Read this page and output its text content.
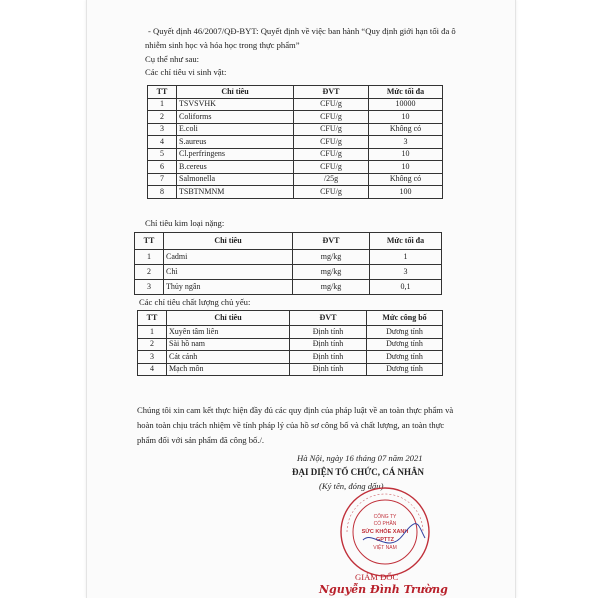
- Quyết định 46/2007/QĐ-BYT: Quyết định về việc ban hành “Quy định giới hạn tối đa ô
nhiễm sinh học và hóa học trong thực phẩm”
Cụ thể như sau:
Các chỉ tiêu vi sinh vật:
TT	Chỉ tiêu	ĐVT	Mức tối đa
1	TSVSVHK	CFU/g	10000
2	Coliforms	CFU/g	10
3	E.coli	CFU/g	Không có
4	S.aureus	CFU/g	3
5	Cl.perfringens	CFU/g	10
6	B.cereus	CFU/g	10
7	Salmonella	/25g	Không có
8	TSBTNMNM	CFU/g	100
Chỉ tiêu kim loại nặng:
TT	Chỉ tiêu	ĐVT	Mức tối đa
1	Cadmi	mg/kg	1
2	Chì	mg/kg	3
3	Thủy ngân	mg/kg	0,1
Các chỉ tiêu chất lượng chủ yếu:
TT	Chỉ tiêu	ĐVT	Mức công bố
1	Xuyên tâm liên	Định tính	Dương tính
2	Sài hồ nam	Định tính	Dương tính
3	Cát cánh	Định tính	Dương tính
4	Mạch môn	Định tính	Dương tính
Chúng tôi xin cam kết thực hiện đầy đủ các quy định của pháp luật về an toàn thực phẩm và
hoàn toàn chịu trách nhiệm về tính pháp lý của hồ sơ công bố và chất lượng, an toàn thực
phẩm đối với sản phẩm đã công bố./.
Hà Nội, ngày 16 tháng 07 năm 2021
ĐẠI DIỆN TỔ CHỨC, CÁ NHÂN
(Ký tên, đóng dấu)
CÔNG TY
CỔ PHẦN
SỨC KHỎE XANH
GPTTZ
VIỆT NAM
GIÁM ĐỐC
Nguyễn Đình Trường
